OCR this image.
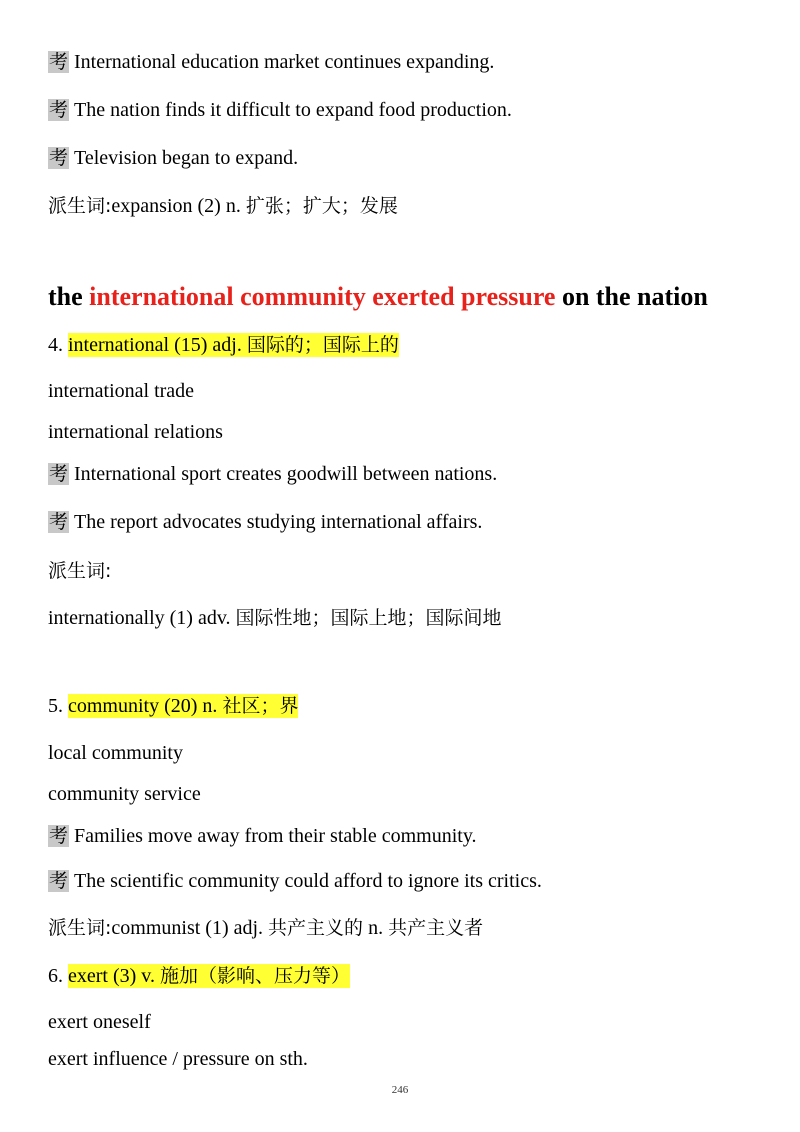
考 International education market continues expanding.
考 The nation finds it difficult to expand food production.
考 Television began to expand.
派生词:expansion (2) n. 扩张；扩大；发展
the international community exerted pressure on the nation
4. international (15) adj. 国际的；国际上的
international trade
international relations
考 International sport creates goodwill between nations.
考 The report advocates studying international affairs.
派生词:
internationally (1) adv. 国际性地；国际上地；国际间地
5. community (20) n. 社区；界
local community
community service
考 Families move away from their stable community.
考 The scientific community could afford to ignore its critics.
派生词:communist (1) adj. 共产主义的 n. 共产主义者
6. exert (3) v. 施加（影响、压力等）
exert oneself
exert influence / pressure on sth.
246
